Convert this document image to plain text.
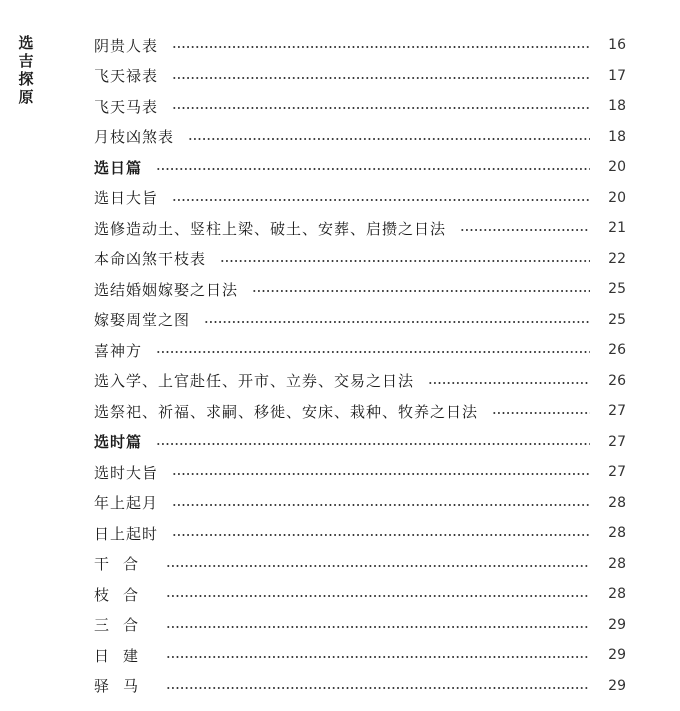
选
吉
探
原
阴贵人表	16
飞天禄表	17
飞天马表	18
月枝凶煞表	18
选日篇	20
选日大旨	20
选修造动土、竖柱上梁、破土、安葬、启攒之日法	21
本命凶煞干枝表	22
选结婚姻嫁娶之日法	25
嫁娶周堂之图	25
喜神方	26
选入学、上官赴任、开市、立券、交易之日法	26
选祭祀、祈福、求嗣、移徙、安床、栽种、牧养之日法	27
选时篇	27
选时大旨	27
年上起月	28
日上起时	28
干合	28
枝合	28
三合	29
日建	29
驿马	29
